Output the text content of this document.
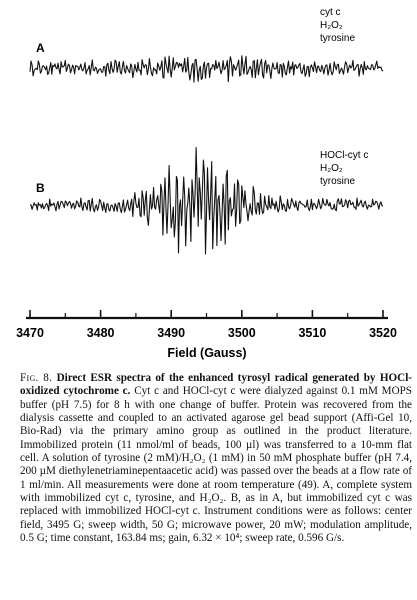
A
cyt c
H₂O₂
tyrosine
B
HOCl-cyt c
H₂O₂
tyrosine
3470	3480	3490	3500	3510	3520
Field (Gauss)
Fig. 8. Direct ESR spectra of the enhanced tyrosyl radical generated by HOCl-oxidized cytochrome c. Cyt c and HOCl-cyt c were dialyzed against 0.1 mM MOPS buffer (pH 7.5) for 8 h with one change of buffer. Protein was recovered from the dialysis cassette and coupled to an activated agarose gel bead support (Affi-Gel 10, Bio-Rad) via the primary amino group as outlined in the product literature. Immobilized protein (11 nmol/ml of beads, 100 µl) was transferred to a 10-mm flat cell. A solution of tyrosine (2 mM)/H₂O₂ (1 mM) in 50 mM phosphate buffer (pH 7.4, 200 µM diethylenetriaminepentaacetic acid) was passed over the beads at a flow rate of 1 ml/min. All measurements were done at room temperature (49). A, complete system with immobilized cyt c, tyrosine, and H₂O₂. B, as in A, but immobilized cyt c was replaced with immobilized HOCl-cyt c. Instrument conditions were as follows: center field, 3495 G; sweep width, 50 G; microwave power, 20 mW; modulation amplitude, 0.5 G; time constant, 163.84 ms; gain, 6.32 × 10⁴; sweep rate, 0.596 G/s.
